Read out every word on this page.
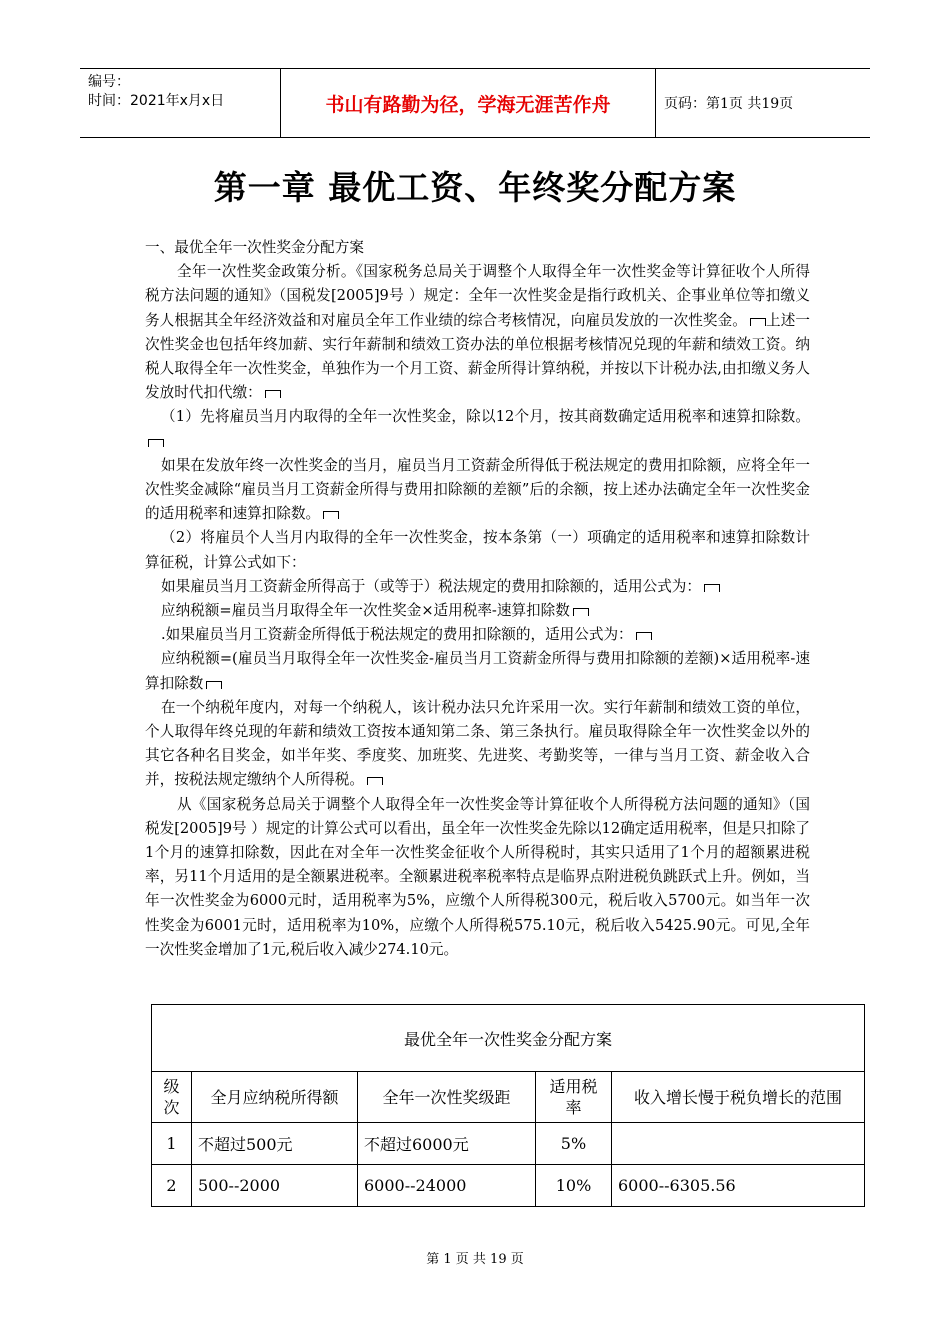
编号：
时间：2021年x月x日	书山有路勤为径，学海无涯苦作舟	页码：第1页 共19页
第一章 最优工资、年终奖分配方案

一、最优全年一次性奖金分配方案

全年一次性奖金政策分析。《国家税务总局关于调整个人取得全年一次性奖金等计算征收个人所得税方法问题的通知》（国税发[2005]9号 ）规定：全年一次性奖金是指行政机关、企事业单位等扣缴义务人根据其全年经济效益和对雇员全年工作业绩的综合考核情况，向雇员发放的一次性奖金。 上述一次性奖金也包括年终加薪、实行年薪制和绩效工资办法的单位根据考核情况兑现的年薪和绩效工资。纳税人取得全年一次性奖金，单独作为一个月工资、薪金所得计算纳税，并按以下计税办法,由扣缴义务人发放时代扣代缴：

（1）先将雇员当月内取得的全年一次性奖金，除以12个月，按其商数确定适用税率和速算扣除数。

如果在发放年终一次性奖金的当月，雇员当月工资薪金所得低于税法规定的费用扣除额，应将全年一次性奖金减除“雇员当月工资薪金所得与费用扣除额的差额”后的余额，按上述办法确定全年一次性奖金的适用税率和速算扣除数。

（2）将雇员个人当月内取得的全年一次性奖金，按本条第（一）项确定的适用税率和速算扣除数计算征税，计算公式如下：

如果雇员当月工资薪金所得高于（或等于）税法规定的费用扣除额的，适用公式为：

应纳税额=雇员当月取得全年一次性奖金×适用税率-速算扣除数

.如果雇员当月工资薪金所得低于税法规定的费用扣除额的，适用公式为：

应纳税额=(雇员当月取得全年一次性奖金-雇员当月工资薪金所得与费用扣除额的差额)×适用税率-速算扣除数

在一个纳税年度内，对每一个纳税人，该计税办法只允许采用一次。实行年薪制和绩效工资的单位，个人取得年终兑现的年薪和绩效工资按本通知第二条、第三条执行。雇员取得除全年一次性奖金以外的其它各种名目奖金，如半年奖、季度奖、加班奖、先进奖、考勤奖等，一律与当月工资、薪金收入合并，按税法规定缴纳个人所得税。

从《国家税务总局关于调整个人取得全年一次性奖金等计算征收个人所得税方法问题的通知》（国税发[2005]9号 ）规定的计算公式可以看出，虽全年一次性奖金先除以12确定适用税率，但是只扣除了1个月的速算扣除数，因此在对全年一次性奖金征收个人所得税时，其实只适用了1个月的超额累进税率，另11个月适用的是全额累进税率。全额累进税率税率特点是临界点附进税负跳跃式上升。例如，当年一次性奖金为6000元时，适用税率为5%，应缴个人所得税300元，税后收入5700元。如当年一次性奖金为6001元时，适用税率为10%，应缴个人所得税575.10元，税后收入5425.90元。可见,全年一次性奖金增加了1元,税后收入减少274.10元。

最优全年一次性奖金分配方案				
级次	全月应纳税所得额	全年一次性奖级距	适用税率	收入增长慢于税负增长的范围
1	不超过500元	不超过6000元	5%	
2	500--2000	6000--24000	10%	6000--6305.56
第 1 页 共 19 页
